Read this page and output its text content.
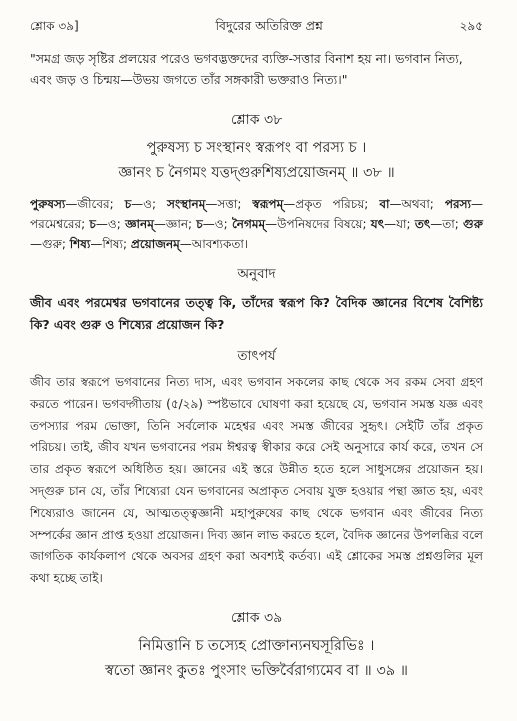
শ্লোক ৩৯]	বিদুরের অতিরিক্ত প্রশ্ন	২৯৫
"সমগ্র জড় সৃষ্টির প্রলয়ের পরেও ভগবদ্ভক্তদের ব্যক্তি-সত্তার বিনাশ হয় না। ভগবান নিত্য, এবং জড় ও চিন্ময়—উভয় জগতে তাঁর সঙ্গকারী ভক্তরাও নিত্য।"
শ্লোক ৩৮
পুরুষস্য চ সংস্থানং স্বরূপং বা পরস্য চ ।
জ্ঞানং চ নৈগমং যত্তদ্গুরুশিষ্যপ্রয়োজনম্ ॥ ৩৮ ॥
পুরুষস্য—জীবের; চ—ও; সংস্থানম্—সত্তা; স্বরূপম্—প্রকৃত পরিচয়; বা—অথবা; পরস্য—পরমেশ্বরের; চ—ও; জ্ঞানম্—জ্ঞান; চ—ও; নৈগমম্—উপনিষদের বিষয়ে; যৎ—যা; তৎ—তা; গুরু—গুরু; শিষ্য—শিষ্য; প্রয়োজনম্—আবশ্যকতা।
অনুবাদ
জীব এবং পরমেশ্বর ভগবানের তত্ত্ব কি, তাঁদের স্বরূপ কি? বৈদিক জ্ঞানের বিশেষ বৈশিষ্ট্য কি? এবং গুরু ও শিষ্যের প্রয়োজন কি?
তাৎপর্য
জীব তার স্বরূপে ভগবানের নিত্য দাস, এবং ভগবান সকলের কাছ থেকে সব রকম সেবা গ্রহণ করতে পারেন। ভগবদ্গীতায় (৫/২৯) স্পষ্টভাবে ঘোষণা করা হয়েছে যে, ভগবান সমস্ত যজ্ঞ এবং তপস্যার পরম ভোক্তা, তিনি সর্বলোক মহেশ্বর এবং সমস্ত জীবের সুহৃৎ। সেইটি তাঁর প্রকৃত পরিচয়। তাই, জীব যখন ভগবানের পরম ঈশ্বরত্ব স্বীকার করে সেই অনুসারে কার্য করে, তখন সে তার প্রকৃত স্বরূপে অধিষ্ঠিত হয়। জ্ঞানের এই স্তরে উন্নীত হতে হলে সাধুসঙ্গের প্রয়োজন হয়। সদ্গুরু চান যে, তাঁর শিষ্যেরা যেন ভগবানের অপ্রাকৃত সেবায় যুক্ত হওয়ার পন্থা জ্ঞাত হয়, এবং শিষ্যেরাও জানেন যে, আত্মতত্ত্বজ্ঞানী মহাপুরুষের কাছ থেকে ভগবান এবং জীবের নিত্য সম্পর্কের জ্ঞান প্রাপ্ত হওয়া প্রয়োজন। দিব্য জ্ঞান লাভ করতে হলে, বৈদিক জ্ঞানের উপলব্ধির বলে জাগতিক কার্যকলাপ থেকে অবসর গ্রহণ করা অবশ্যই কর্তব্য। এই শ্লোকের সমস্ত প্রশ্নগুলির মূল কথা হচ্ছে তাই।
শ্লোক ৩৯
নিমিত্তানি চ তস্যেহ প্রোক্তান্যনঘসূরিভিঃ ।
স্বতো জ্ঞানং কুতঃ পুংসাং ভক্তির্বৈরাগ্যমেব বা ॥ ৩৯ ॥
